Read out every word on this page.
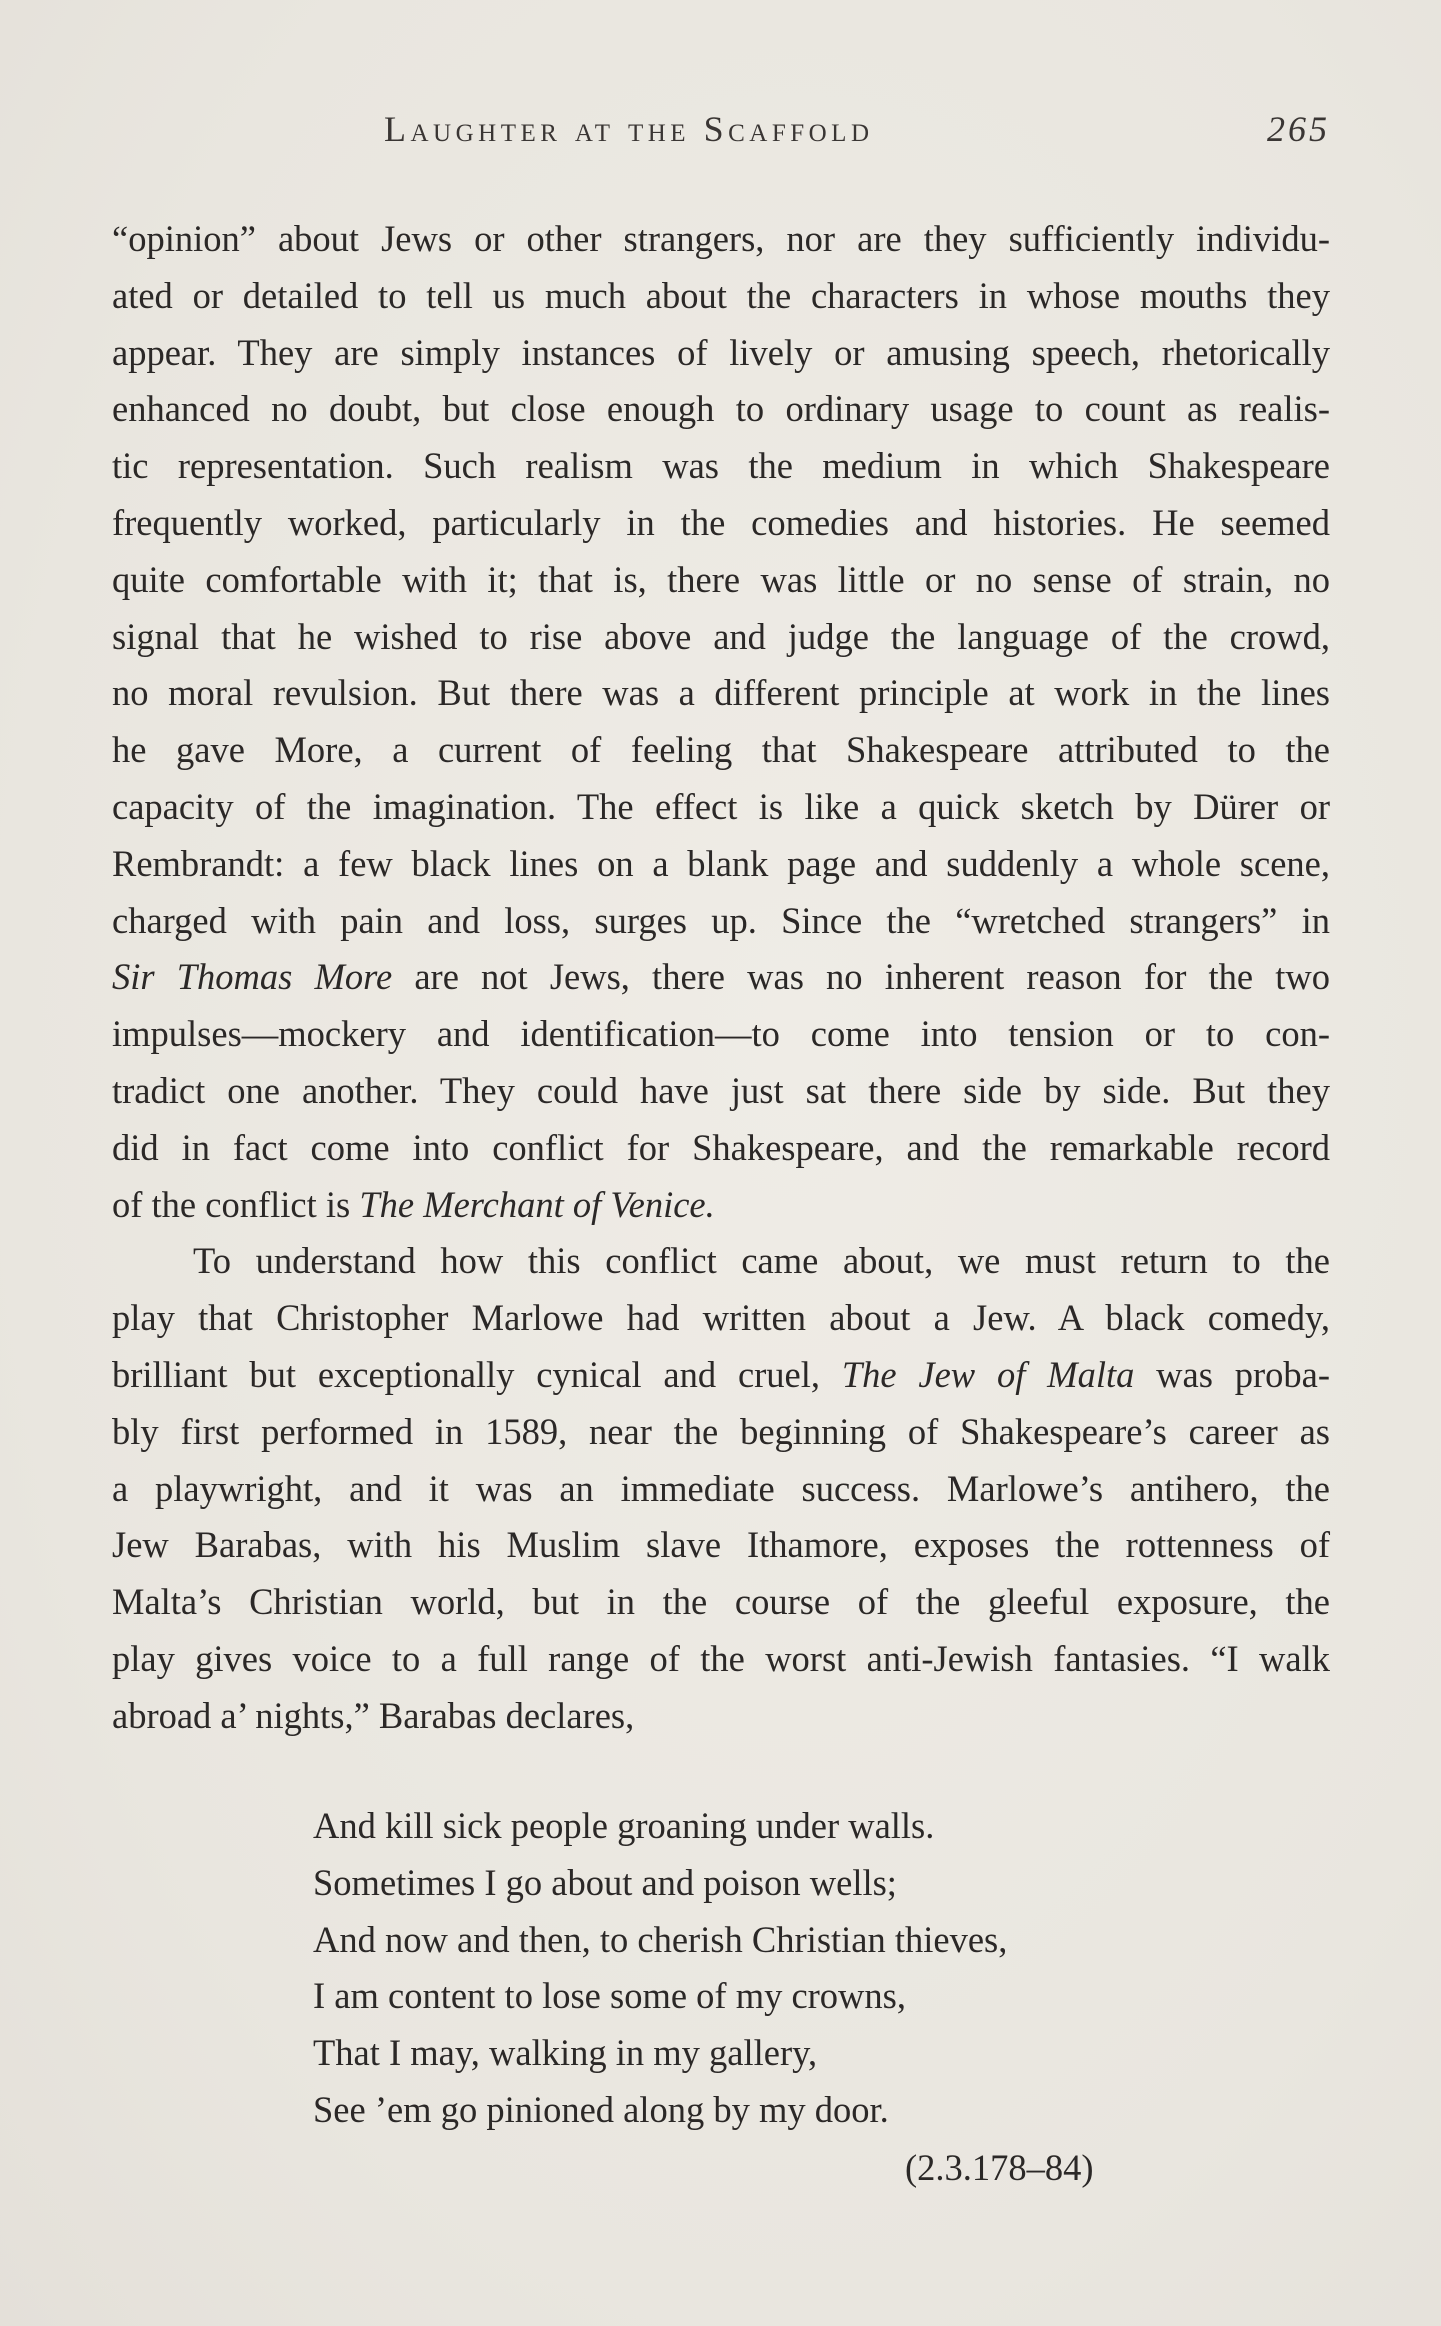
Laughter at the Scaffold	265

“opinion” about Jews or other strangers, nor are they sufficiently individu-
ated or detailed to tell us much about the characters in whose mouths they
appear. They are simply instances of lively or amusing speech, rhetorically
enhanced no doubt, but close enough to ordinary usage to count as realis-
tic representation. Such realism was the medium in which Shakespeare
frequently worked, particularly in the comedies and histories. He seemed
quite comfortable with it; that is, there was little or no sense of strain, no
signal that he wished to rise above and judge the language of the crowd,
no moral revulsion. But there was a different principle at work in the lines
he gave More, a current of feeling that Shakespeare attributed to the
capacity of the imagination. The effect is like a quick sketch by Dürer or
Rembrandt: a few black lines on a blank page and suddenly a whole scene,
charged with pain and loss, surges up. Since the “wretched strangers” in
Sir Thomas More are not Jews, there was no inherent reason for the two
impulses—mockery and identification—to come into tension or to con-
tradict one another. They could have just sat there side by side. But they
did in fact come into conflict for Shakespeare, and the remarkable record
of the conflict is The Merchant of Venice.

To understand how this conflict came about, we must return to the
play that Christopher Marlowe had written about a Jew. A black comedy,
brilliant but exceptionally cynical and cruel, The Jew of Malta was proba-
bly first performed in 1589, near the beginning of Shakespeare’s career as
a playwright, and it was an immediate success. Marlowe’s antihero, the
Jew Barabas, with his Muslim slave Ithamore, exposes the rottenness of
Malta’s Christian world, but in the course of the gleeful exposure, the
play gives voice to a full range of the worst anti-Jewish fantasies. “I walk
abroad a’ nights,” Barabas declares,

And kill sick people groaning under walls.
Sometimes I go about and poison wells;
And now and then, to cherish Christian thieves,
I am content to lose some of my crowns,
That I may, walking in my gallery,
See ’em go pinioned along by my door.
(2.3.178–84)
